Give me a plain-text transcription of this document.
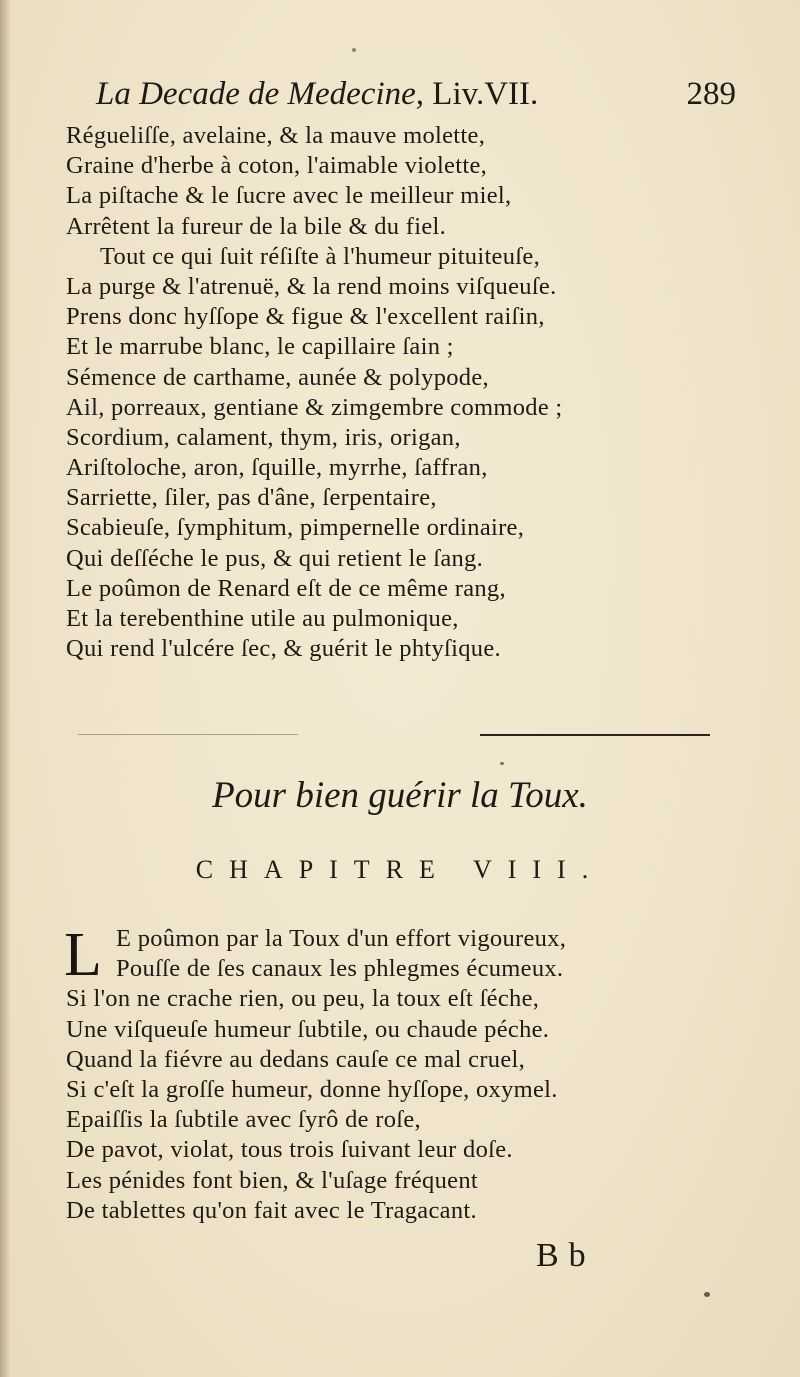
La Decade de Medecine, Liv.VII.	289
Régueliſſe, avelaine, & la mauve molette,
Graine d'herbe à coton, l'aimable violette,
La piſtache & le ſucre avec le meilleur miel,
Arrêtent la fureur de la bile & du fiel.
Tout ce qui ſuit réſiſte à l'humeur pituiteuſe,
La purge & l'atrenuë, & la rend moins viſqueuſe.
Prens donc hyſſope & figue & l'excellent raiſin,
Et le marrube blanc, le capillaire ſain ;
Sémence de carthame, aunée & polypode,
Ail, porreaux, gentiane & zimgembre commode ;
Scordium, calament, thym, iris, origan,
Ariſtoloche, aron, ſquille, myrrhe, ſaffran,
Sarriette, ſiler, pas d'âne, ſerpentaire,
Scabieuſe, ſymphitum, pimpernelle ordinaire,
Qui deſſéche le pus, & qui retient le ſang.
Le poûmon de Renard eſt de ce même rang,
Et la terebenthine utile au pulmonique,
Qui rend l'ulcére ſec, & guérit le phtyſique.
Pour bien guérir la Toux.
CHAPITRE VIII.
L E poûmon par la Toux d'un effort vigoureux,
Pouſſe de ſes canaux les phlegmes écumeux.
Si l'on ne crache rien, ou peu, la toux eſt ſéche,
Une viſqueuſe humeur ſubtile, ou chaude péche.
Quand la fiévre au dedans cauſe ce mal cruel,
Si c'eſt la groſſe humeur, donne hyſſope, oxymel.
Epaiſſis la ſubtile avec ſyrô de roſe,
De pavot, violat, tous trois ſuivant leur doſe.
Les pénides font bien, & l'uſage fréquent
De tablettes qu'on fait avec le Tragacant.
Bb
